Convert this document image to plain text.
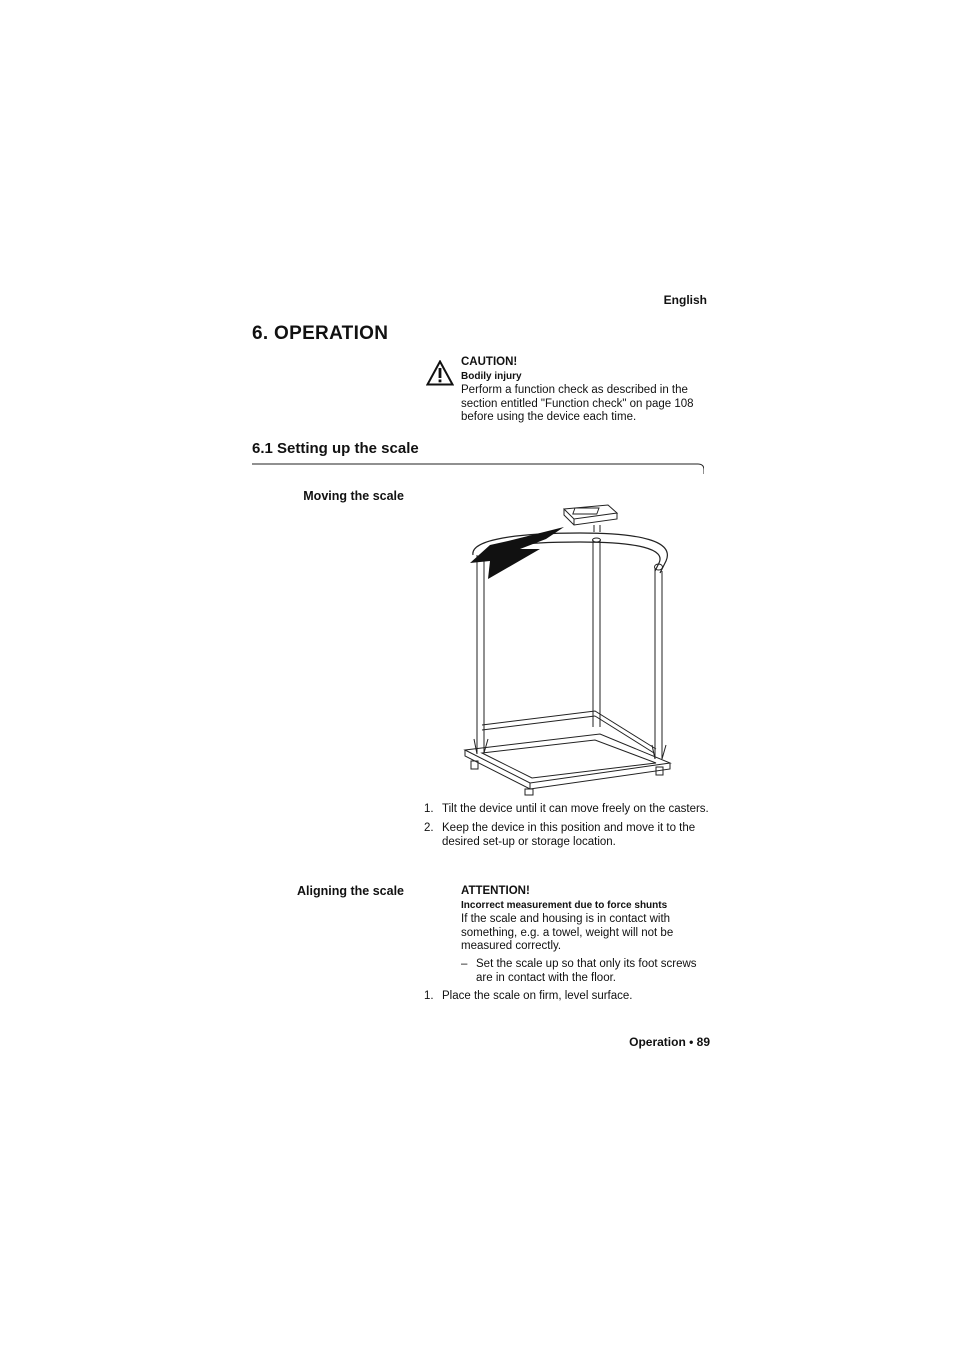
English
6. OPERATION
CAUTION!
Bodily injury
Perform a function check as described in the section entitled "Function check" on page 108 before using the device each time.
6.1 Setting up the scale
Moving the scale
1. Tilt the device until it can move freely on the casters.
2. Keep the device in this position and move it to the desired set-up or storage location.
Aligning the scale	ATTENTION!
Incorrect measurement due to force shunts
If the scale and housing is in contact with something, e.g. a towel, weight will not be measured correctly.
– Set the scale up so that only its foot screws are in contact with the floor.
1. Place the scale on firm, level surface.
Operation • 89
